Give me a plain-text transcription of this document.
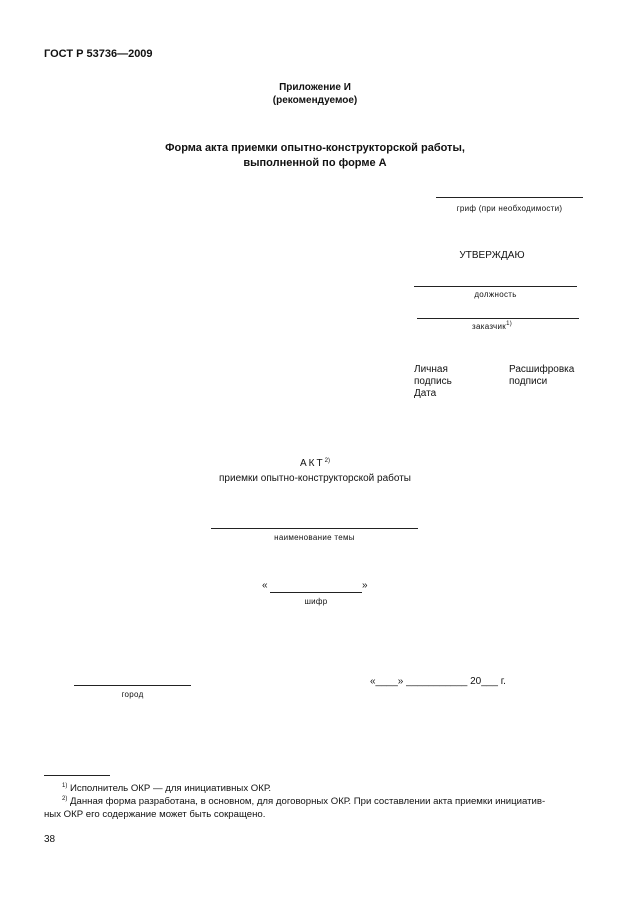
ГОСТ Р 53736—2009
Приложение И
(рекомендуемое)
Форма акта приемки опытно-конструкторской работы,
выполненной по форме А
гриф (при необходимости)
УТВЕРЖДАЮ
должность
заказчик$^{1)}$
Личная
подпись
Дата
Расшифровка
подписи
АКТ$^{2)}$
приемки опытно-конструкторской работы
наименование темы
«	»
шифр
город
«____» ___________ 20___ г.
$^{1)}$ Исполнитель ОКР — для инициативных ОКР.
$^{2)}$ Данная форма разработана, в основном, для договорных ОКР. При составлении акта приемки инициатив-
ных ОКР его содержание может быть сокращено.
38
